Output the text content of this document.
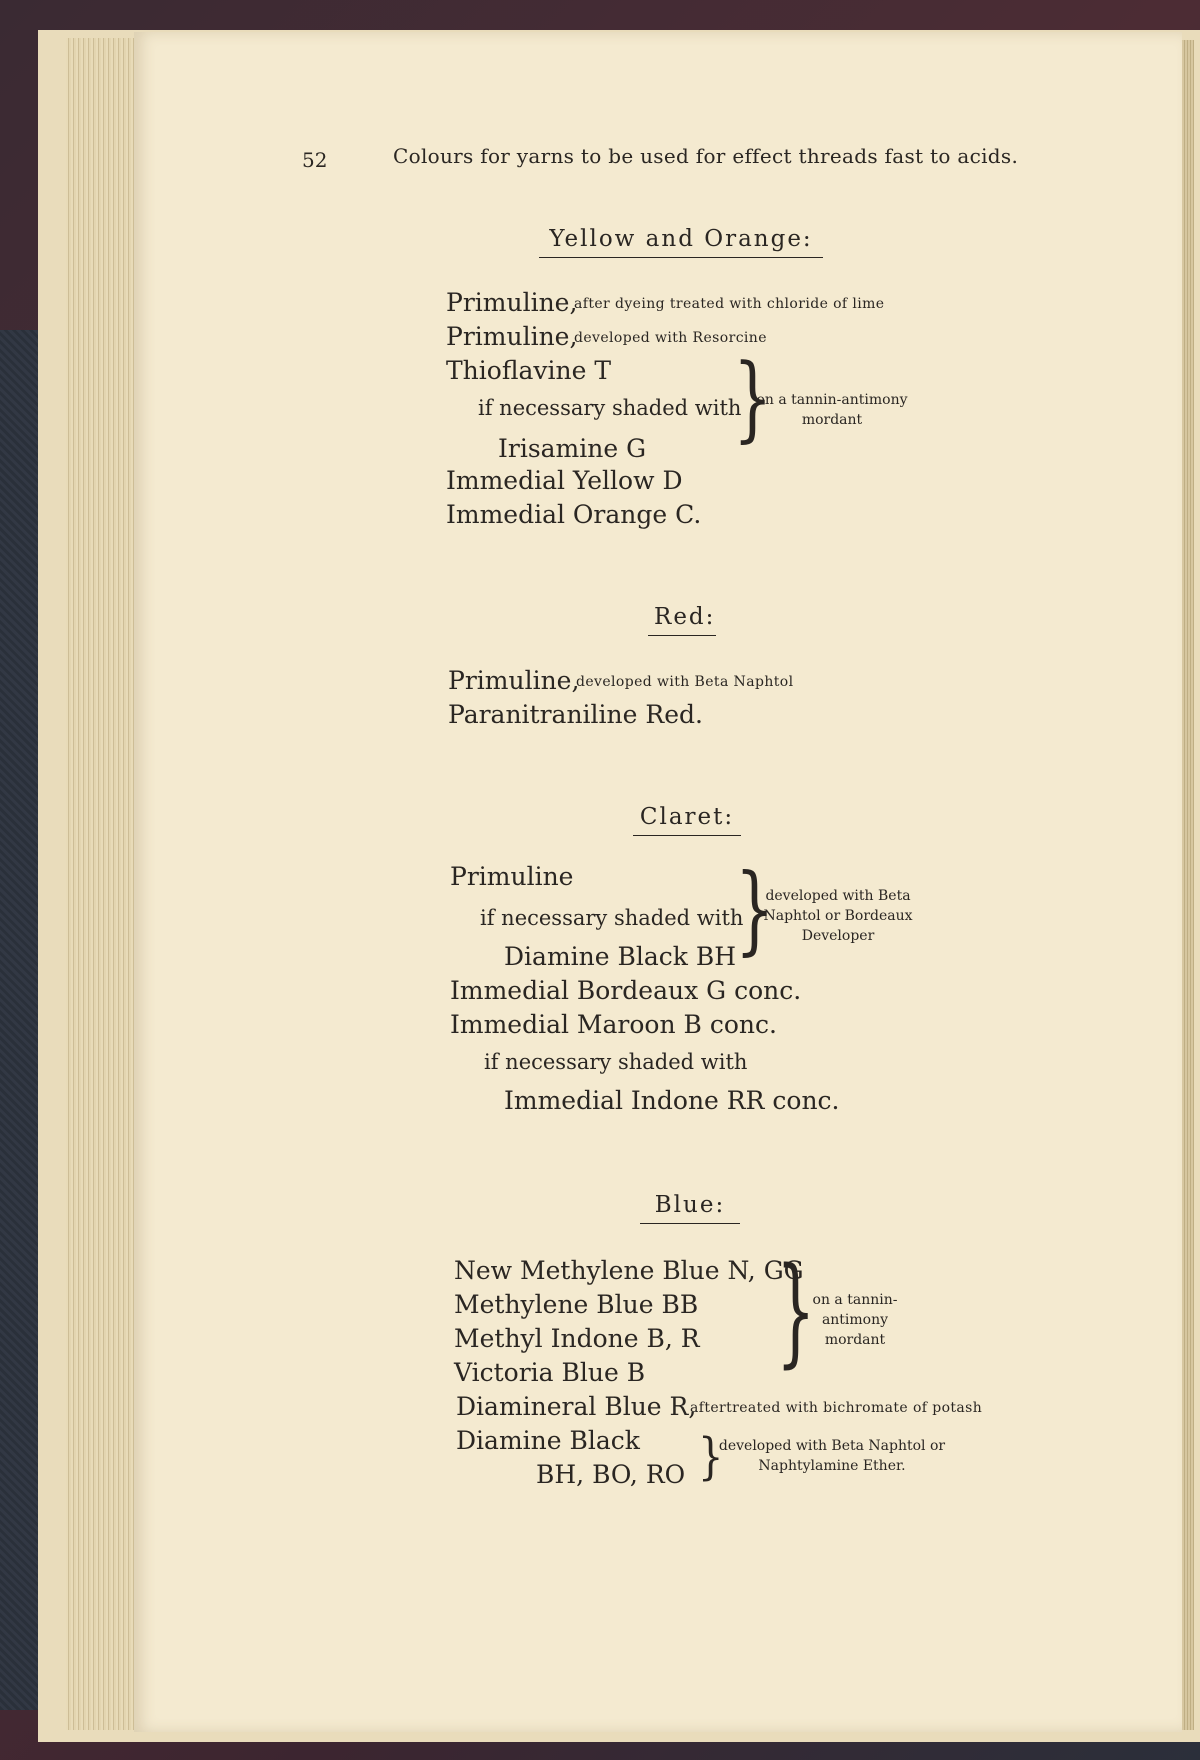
52	Colours for yarns to be used for effect threads fast to acids.
Yellow and Orange:
Primuline,
after dyeing treated with chloride of lime
Primuline,
developed with Resorcine
Thioflavine T
if necessary shaded with
Irisamine G }
on a tannin-antimony mordant
Immedial Yellow D
Immedial Orange C.
Red:
Primuline,
developed with Beta Naphtol
Paranitraniline Red.
Claret:
Primuline
if necessary shaded with
Diamine Black BH
}
developed with Beta Naphtol or Bordeaux Developer
Immedial Bordeaux G conc.
Immedial Maroon B conc.
if necessary shaded with
Immedial Indone RR conc.
Blue:
New Methylene Blue N, GG
Methylene Blue BB
Methyl Indone B, R
Victoria Blue B }
on a tannin-antimony mordant
Diamineral Blue R,
aftertreated with bichromate of potash
Diamine Black
BH, BO, RO }
developed with Beta Naphtol or Naphtylamine Ether.
